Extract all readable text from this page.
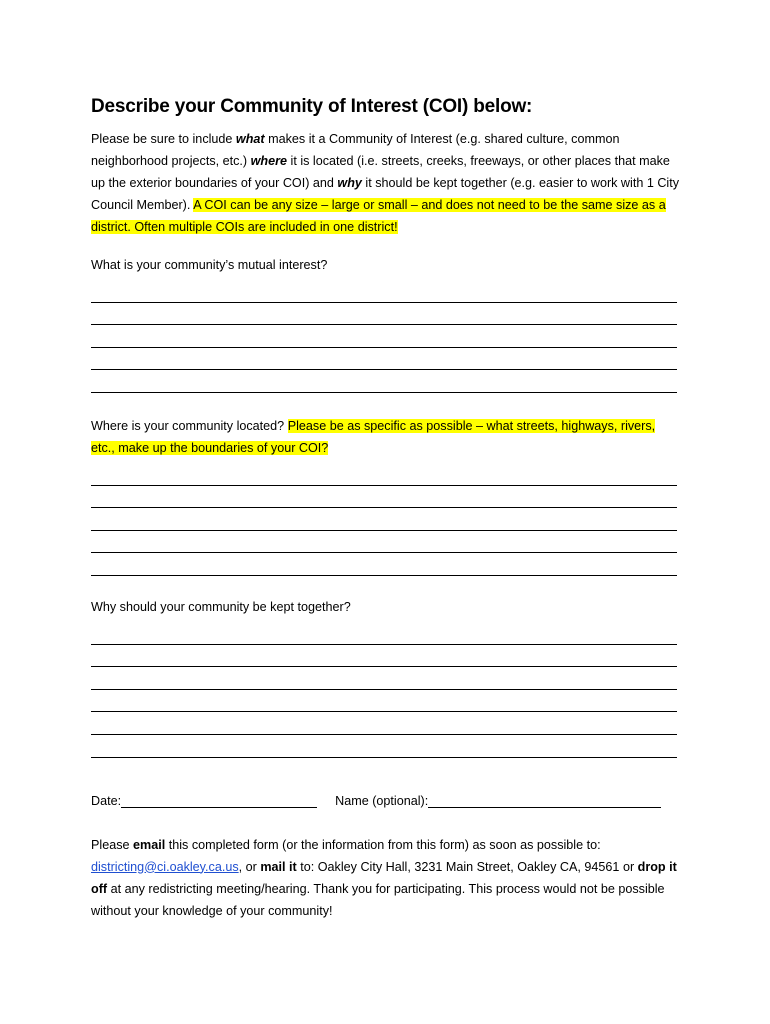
Describe your Community of Interest (COI) below:

Please be sure to include what makes it a Community of Interest (e.g. shared culture, common neighborhood projects, etc.) where it is located (i.e. streets, creeks, freeways, or other places that make up the exterior boundaries of your COI) and why it should be kept together (e.g. easier to work with 1 City Council Member). A COI can be any size – large or small – and does not need to be the same size as a district. Often multiple COIs are included in one district!

What is your community’s mutual interest?

Where is your community located? Please be as specific as possible – what streets, highways, rivers, etc., make up the boundaries of your COI?

Why should your community be kept together?

Date:	Name (optional):

Please email this completed form (or the information from this form) as soon as possible to: districting@ci.oakley.ca.us, or mail it to: Oakley City Hall, 3231 Main Street, Oakley CA, 94561 or drop it off at any redistricting meeting/hearing. Thank you for participating. This process would not be possible without your knowledge of your community!
